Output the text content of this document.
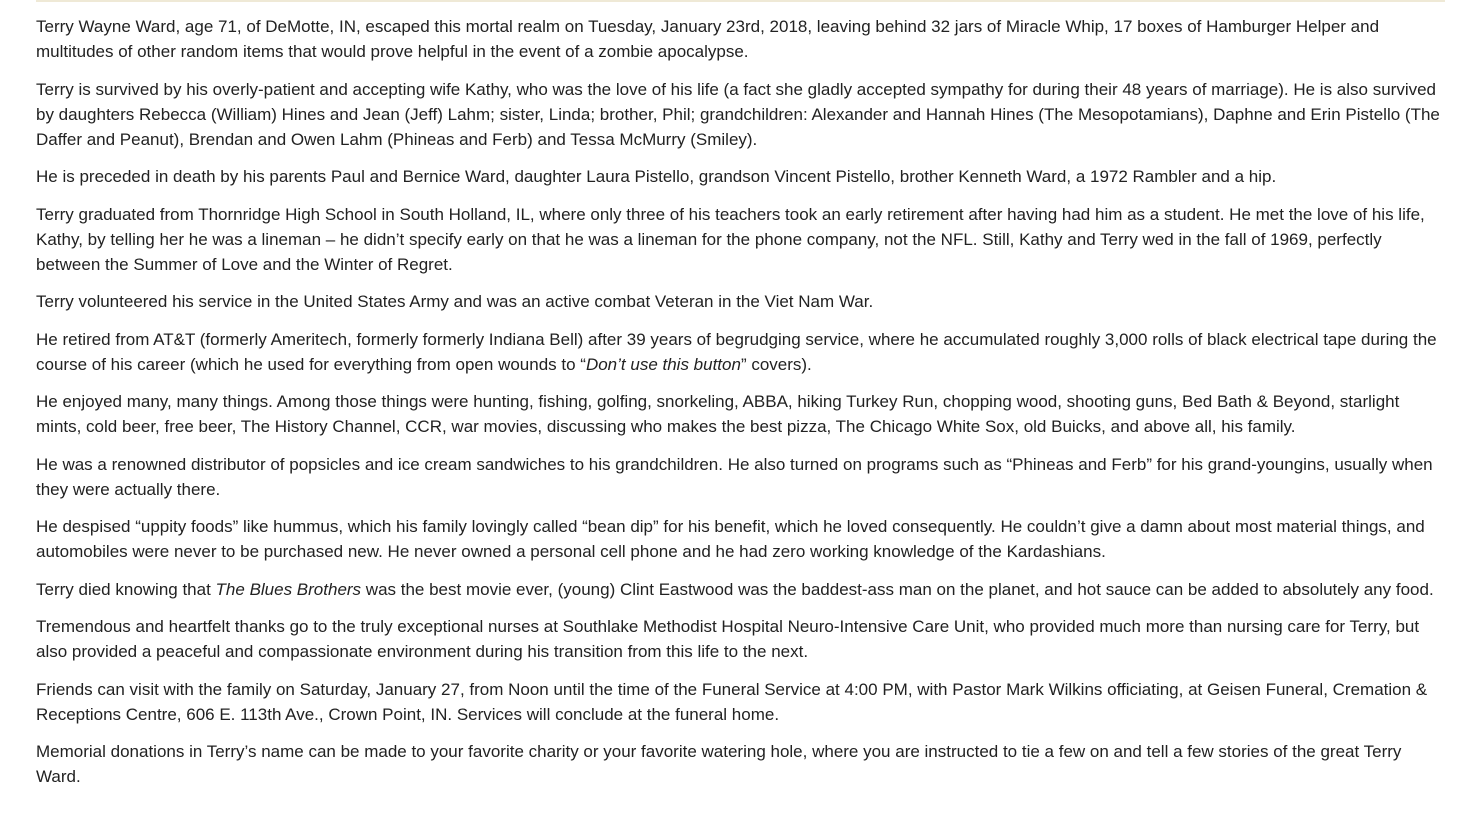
Terry Wayne Ward, age 71, of DeMotte, IN, escaped this mortal realm on Tuesday, January 23rd, 2018, leaving behind 32 jars of Miracle Whip, 17 boxes of Hamburger Helper and multitudes of other random items that would prove helpful in the event of a zombie apocalypse.

Terry is survived by his overly-patient and accepting wife Kathy, who was the love of his life (a fact she gladly accepted sympathy for during their 48 years of marriage). He is also survived by daughters Rebecca (William) Hines and Jean (Jeff) Lahm; sister, Linda; brother, Phil; grandchildren: Alexander and Hannah Hines (The Mesopotamians), Daphne and Erin Pistello (The Daffer and Peanut), Brendan and Owen Lahm (Phineas and Ferb) and Tessa McMurry (Smiley).

He is preceded in death by his parents Paul and Bernice Ward, daughter Laura Pistello, grandson Vincent Pistello, brother Kenneth Ward, a 1972 Rambler and a hip.

Terry graduated from Thornridge High School in South Holland, IL, where only three of his teachers took an early retirement after having had him as a student. He met the love of his life, Kathy, by telling her he was a lineman – he didn’t specify early on that he was a lineman for the phone company, not the NFL. Still, Kathy and Terry wed in the fall of 1969, perfectly between the Summer of Love and the Winter of Regret.

Terry volunteered his service in the United States Army and was an active combat Veteran in the Viet Nam War.

He retired from AT&T (formerly Ameritech, formerly formerly Indiana Bell) after 39 years of begrudging service, where he accumulated roughly 3,000 rolls of black electrical tape during the course of his career (which he used for everything from open wounds to “Don’t use this button” covers).

He enjoyed many, many things. Among those things were hunting, fishing, golfing, snorkeling, ABBA, hiking Turkey Run, chopping wood, shooting guns, Bed Bath & Beyond, starlight mints, cold beer, free beer, The History Channel, CCR, war movies, discussing who makes the best pizza, The Chicago White Sox, old Buicks, and above all, his family.

He was a renowned distributor of popsicles and ice cream sandwiches to his grandchildren. He also turned on programs such as “Phineas and Ferb” for his grand-youngins, usually when they were actually there.

He despised “uppity foods” like hummus, which his family lovingly called “bean dip” for his benefit, which he loved consequently. He couldn’t give a damn about most material things, and automobiles were never to be purchased new. He never owned a personal cell phone and he had zero working knowledge of the Kardashians.

Terry died knowing that The Blues Brothers was the best movie ever, (young) Clint Eastwood was the baddest-ass man on the planet, and hot sauce can be added to absolutely any food.

Tremendous and heartfelt thanks go to the truly exceptional nurses at Southlake Methodist Hospital Neuro-Intensive Care Unit, who provided much more than nursing care for Terry, but also provided a peaceful and compassionate environment during his transition from this life to the next.

Friends can visit with the family on Saturday, January 27, from Noon until the time of the Funeral Service at 4:00 PM, with Pastor Mark Wilkins officiating, at Geisen Funeral, Cremation & Receptions Centre, 606 E. 113th Ave., Crown Point, IN. Services will conclude at the funeral home.

Memorial donations in Terry’s name can be made to your favorite charity or your favorite watering hole, where you are instructed to tie a few on and tell a few stories of the great Terry Ward.
